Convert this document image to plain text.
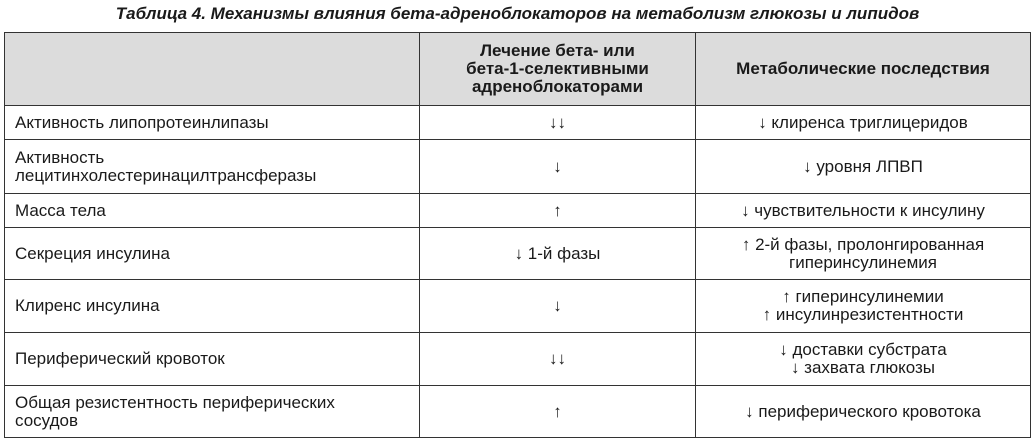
Таблица 4. Механизмы влияния бета-адреноблокаторов на метаболизм глюкозы и липидов

	Лечение бета- или
бета-1-селективными
адреноблокаторами	Метаболические последствия

Активность липопротеинлипазы	↓↓	↓ клиренса триглицеридов

Активность
лецитинхолестеринацилтрансферазы	↓	↓ уровня ЛПВП

Масса тела	↑	↓ чувствительности к инсулину

Секреция инсулина	↓ 1-й фазы	↑ 2-й фазы, пролонгированная
гиперинсулинемия

Клиренс инсулина	↓	↑ гиперинсулинемии
↑ инсулинрезистентности

Периферический кровоток	↓↓	↓ доставки субстрата
↓ захвата глюкозы

Общая резистентность периферических
сосудов	↑	↓ периферического кровотока
